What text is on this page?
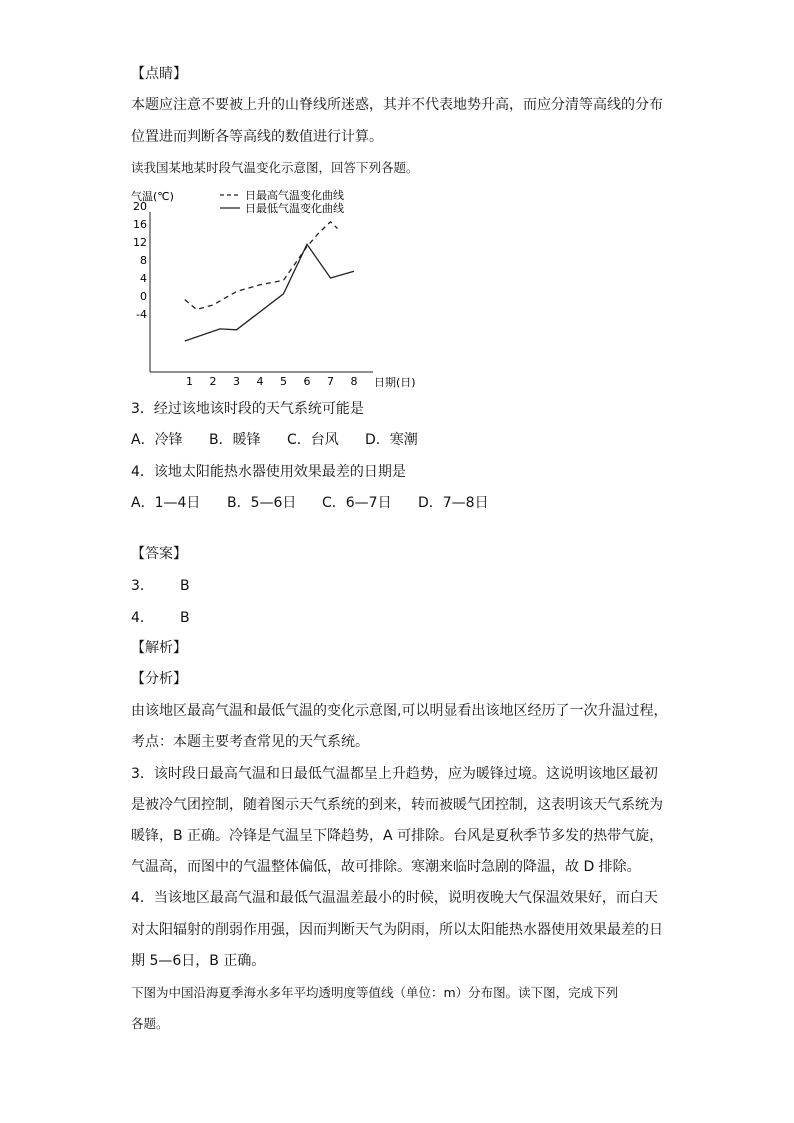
【点睛】
本题应注意不要被上升的山脊线所迷惑，其并不代表地势升高，而应分清等高线的分布
位置进而判断各等高线的数值进行计算。
读我国某地某时段气温变化示意图，回答下列各题。
气温(℃)
日期(日)
日最高气温变化曲线
日最低气温变化曲线
20
16
12
8
4
0
-4
1 2 3 4 5 6 7 8
3．经过该地该时段的天气系统可能是
A．冷锋 B．暖锋 C．台风 D．寒潮
4．该地太阳能热水器使用效果最差的日期是
A．1—4日 B．5—6日 C．6—7日 D．7—8日
【答案】
3． B
4． B
【解析】
【分析】
由该地区最高气温和最低气温的变化示意图,可以明显看出该地区经历了一次升温过程，
考点：本题主要考查常见的天气系统。
3．该时段日最高气温和日最低气温都呈上升趋势，应为暖锋过境。这说明该地区最初
是被冷气团控制，随着图示天气系统的到来，转而被暖气团控制，这表明该天气系统为
暖锋，B 正确。冷锋是气温呈下降趋势，A 可排除。台风是夏秋季节多发的热带气旋，
气温高，而图中的气温整体偏低，故可排除。寒潮来临时急剧的降温，故 D 排除。
4．当该地区最高气温和最低气温温差最小的时候，说明夜晚大气保温效果好，而白天
对太阳辐射的削弱作用强，因而判断天气为阴雨，所以太阳能热水器使用效果最差的日
期 5—6日，B 正确。
下图为中国沿海夏季海水多年平均透明度等值线（单位：m）分布图。读下图，完成下列
各题。
